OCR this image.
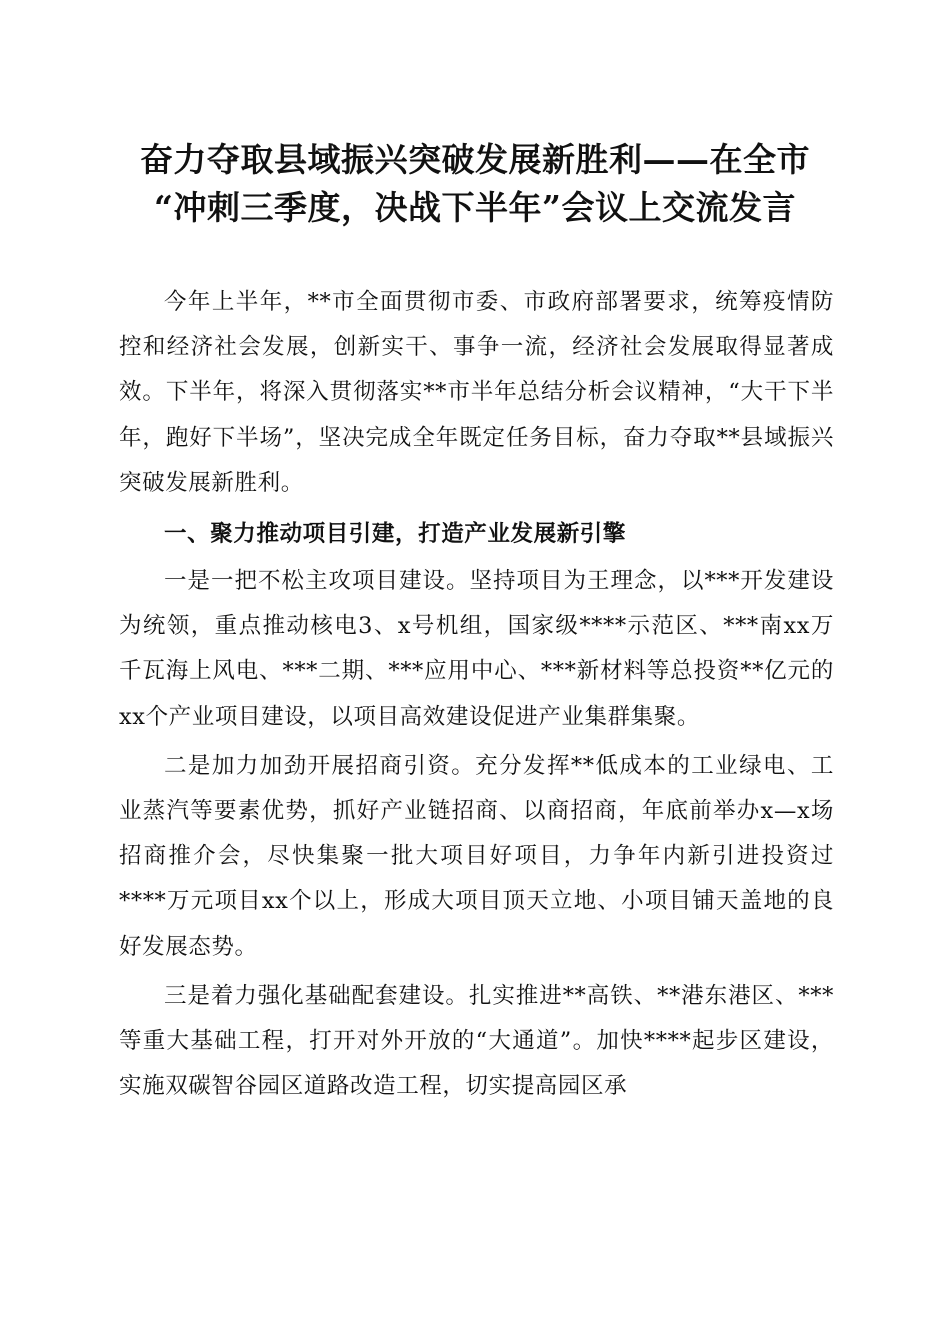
奋力夺取县域振兴突破发展新胜利——在全市
“冲刺三季度，决战下半年”会议上交流发言

今年上半年，**市全面贯彻市委、市政府部署要求，统筹疫情防控和经济社会发展，创新实干、事争一流，经济社会发展取得显著成效。下半年，将深入贯彻落实**市半年总结分析会议精神，“大干下半年，跑好下半场”，坚决完成全年既定任务目标，奋力夺取**县域振兴突破发展新胜利。

一、聚力推动项目引建，打造产业发展新引擎

一是一把不松主攻项目建设。坚持项目为王理念，以***开发建设为统领，重点推动核电3、x号机组，国家级****示范区、***南xx万千瓦海上风电、***二期、***应用中心、***新材料等总投资**亿元的xx个产业项目建设，以项目高效建设促进产业集群集聚。

二是加力加劲开展招商引资。充分发挥**低成本的工业绿电、工业蒸汽等要素优势，抓好产业链招商、以商招商，年底前举办x—x场招商推介会，尽快集聚一批大项目好项目，力争年内新引进投资过****万元项目xx个以上，形成大项目顶天立地、小项目铺天盖地的良好发展态势。

三是着力强化基础配套建设。扎实推进**高铁、**港东港区、***等重大基础工程，打开对外开放的“大通道”。加快****起步区建设，实施双碳智谷园区道路改造工程，切实提高园区承
